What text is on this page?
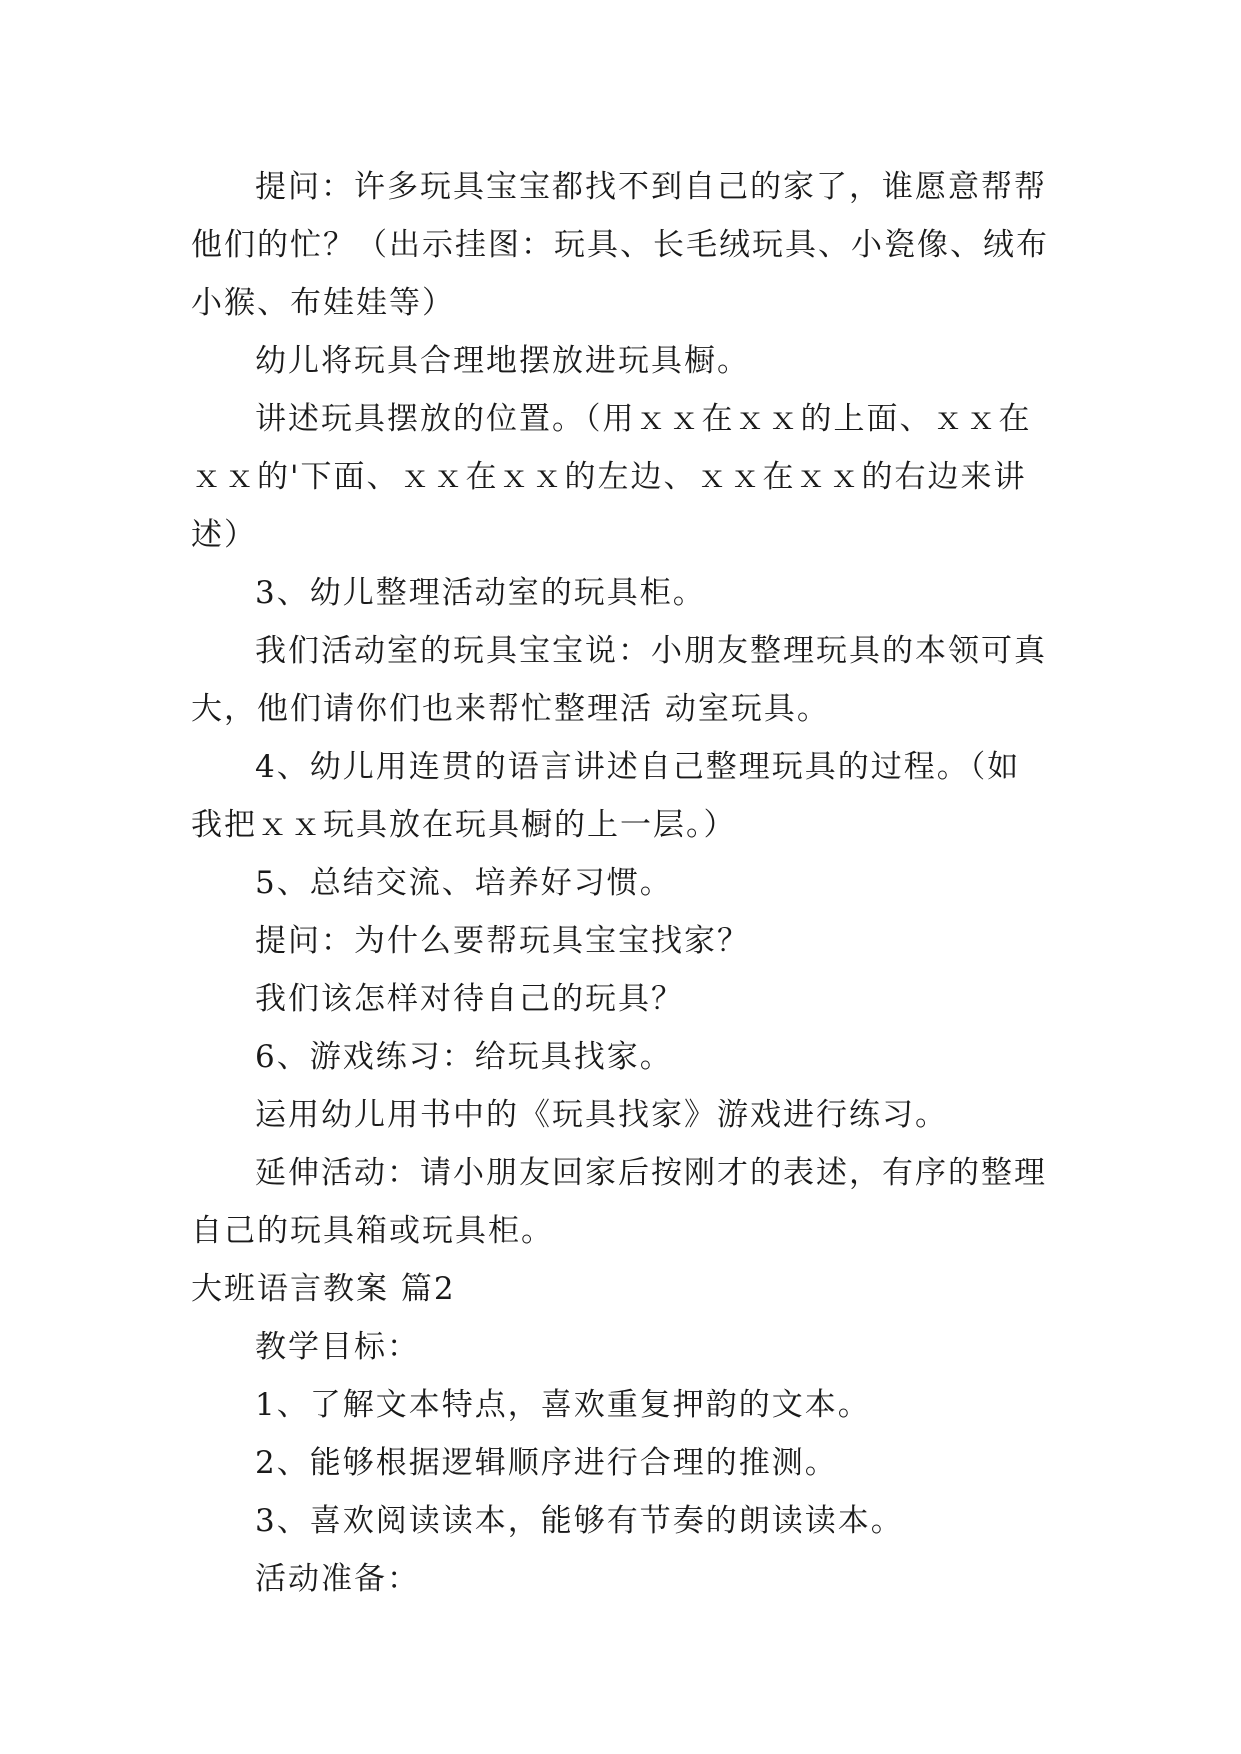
提问：许多玩具宝宝都找不到自己的家了，谁愿意帮帮他们的忙？（出示挂图：玩具、长毛绒玩具、小瓷像、绒布小猴、布娃娃等）

幼儿将玩具合理地摆放进玩具橱。

讲述玩具摆放的位置。（用ｘｘ在ｘｘ的上面、ｘｘ在ｘｘ的'下面、ｘｘ在ｘｘ的左边、ｘｘ在ｘｘ的右边来讲述）

3、幼儿整理活动室的玩具柜。

我们活动室的玩具宝宝说：小朋友整理玩具的本领可真大，他们请你们也来帮忙整理活 动室玩具。

4、幼儿用连贯的语言讲述自己整理玩具的过程。（如我把ｘｘ玩具放在玩具橱的上一层。）

5、总结交流、培养好习惯。

提问：为什么要帮玩具宝宝找家？

我们该怎样对待自己的玩具？

6、游戏练习：给玩具找家。

运用幼儿用书中的《玩具找家》游戏进行练习。

延伸活动：请小朋友回家后按刚才的表述，有序的整理自己的玩具箱或玩具柜。

大班语言教案 篇2

教学目标：

1、了解文本特点，喜欢重复押韵的文本。

2、能够根据逻辑顺序进行合理的推测。

3、喜欢阅读读本，能够有节奏的朗读读本。

活动准备：
